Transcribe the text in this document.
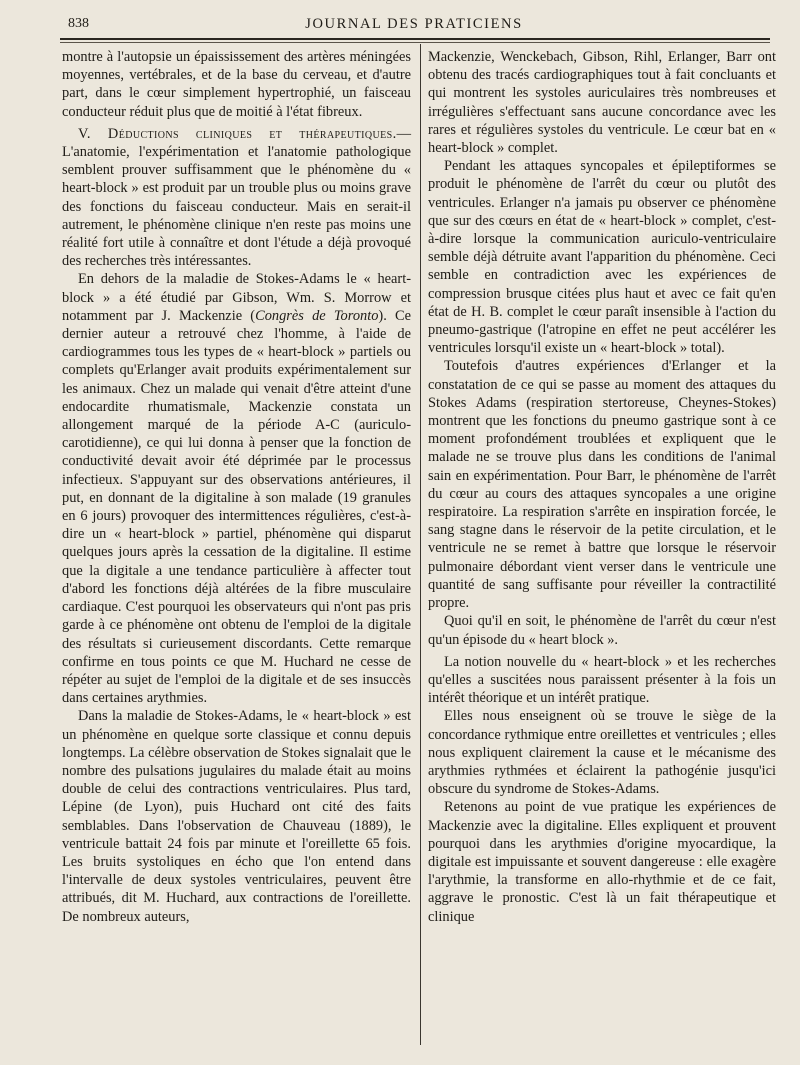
838	JOURNAL DES PRATICIENS

montre à l'autopsie un épaississement des artères méningées moyennes, vertébrales, et de la base du cerveau, et d'autre part, dans le cœur simplement hypertrophié, un faisceau conducteur réduit plus que de moitié à l'état fibreux.

V. Déductions cliniques et thérapeutiques.— L'anatomie, l'expérimentation et l'anatomie pathologique semblent prouver suffisamment que le phénomène du « heart-block » est produit par un trouble plus ou moins grave des fonctions du faisceau conducteur. Mais en serait-il autrement, le phénomène clinique n'en reste pas moins une réalité fort utile à connaître et dont l'étude a déjà provoqué des recherches très intéressantes.

En dehors de la maladie de Stokes-Adams le « heart-block » a été étudié par Gibson, Wm. S. Morrow et notamment par J. Mackenzie (Congrès de Toronto). Ce dernier auteur a retrouvé chez l'homme, à l'aide de cardiogrammes tous les types de « heart-block » partiels ou complets qu'Erlanger avait produits expérimentalement sur les animaux. Chez un malade qui venait d'être atteint d'une endocardite rhumatismale, Mackenzie constata un allongement marqué de la période A-C (auriculo-carotidienne), ce qui lui donna à penser que la fonction de conductivité devait avoir été déprimée par le processus infectieux. S'appuyant sur des observations antérieures, il put, en donnant de la digitaline à son malade (19 granules en 6 jours) provoquer des intermittences régulières, c'est-à-dire un « heart-block » partiel, phénomène qui disparut quelques jours après la cessation de la digitaline. Il estime que la digitale a une tendance particulière à affecter tout d'abord les fonctions déjà altérées de la fibre musculaire cardiaque. C'est pourquoi les observateurs qui n'ont pas pris garde à ce phénomène ont obtenu de l'emploi de la digitale des résultats si curieusement discordants. Cette remarque confirme en tous points ce que M. Huchard ne cesse de répéter au sujet de l'emploi de la digitale et de ses insuccès dans certaines arythmies.

Dans la maladie de Stokes-Adams, le « heart-block » est un phénomène en quelque sorte classique et connu depuis longtemps. La célèbre observation de Stokes signalait que le nombre des pulsations jugulaires du malade était au moins double de celui des contractions ventriculaires. Plus tard, Lépine (de Lyon), puis Huchard ont cité des faits semblables. Dans l'observation de Chauveau (1889), le ventricule battait 24 fois par minute et l'oreillette 65 fois. Les bruits systoliques en écho que l'on entend dans l'intervalle de deux systoles ventriculaires, peuvent être attribués, dit M. Huchard, aux contractions de l'oreillette. De nombreux auteurs,

Mackenzie, Wenckebach, Gibson, Rihl, Erlanger, Barr ont obtenu des tracés cardiographiques tout à fait concluants et qui montrent les systoles auriculaires très nombreuses et irrégulières s'effectuant sans aucune concordance avec les rares et régulières systoles du ventricule. Le cœur bat en « heart-block » complet.

Pendant les attaques syncopales et épileptiformes se produit le phénomène de l'arrêt du cœur ou plutôt des ventricules. Erlanger n'a jamais pu observer ce phénomène que sur des cœurs en état de « heart-block » complet, c'est-à-dire lorsque la communication auriculo-ventriculaire semble déjà détruite avant l'apparition du phénomène. Ceci semble en contradiction avec les expériences de compression brusque citées plus haut et avec ce fait qu'en état de H. B. complet le cœur paraît insensible à l'action du pneumo-gastrique (l'atropine en effet ne peut accélérer les ventricules lorsqu'il existe un « heart-block » total).

Toutefois d'autres expériences d'Erlanger et la constatation de ce qui se passe au moment des attaques du Stokes Adams (respiration stertoreuse, Cheynes-Stokes) montrent que les fonctions du pneumo gastrique sont à ce moment profondément troublées et expliquent que le malade ne se trouve plus dans les conditions de l'animal sain en expérimentation. Pour Barr, le phénomène de l'arrêt du cœur au cours des attaques syncopales a une origine respiratoire. La respiration s'arrête en inspiration forcée, le sang stagne dans le réservoir de la petite circulation, et le ventricule ne se remet à battre que lorsque le réservoir pulmonaire débordant vient verser dans le ventricule une quantité de sang suffisante pour réveiller la contractilité propre.

Quoi qu'il en soit, le phénomène de l'arrêt du cœur n'est qu'un épisode du « heart block ».

La notion nouvelle du « heart-block » et les recherches qu'elles a suscitées nous paraissent présenter à la fois un intérêt théorique et un intérêt pratique.

Elles nous enseignent où se trouve le siège de la concordance rythmique entre oreillettes et ventricules ; elles nous expliquent clairement la cause et le mécanisme des arythmies rythmées et éclairent la pathogénie jusqu'ici obscure du syndrome de Stokes-Adams.

Retenons au point de vue pratique les expériences de Mackenzie avec la digitaline. Elles expliquent et prouvent pourquoi dans les arythmies d'origine myocardique, la digitale est impuissante et souvent dangereuse : elle exagère l'arythmie, la transforme en allo-rhythmie et de ce fait, aggrave le pronostic. C'est là un fait thérapeutique et clinique
